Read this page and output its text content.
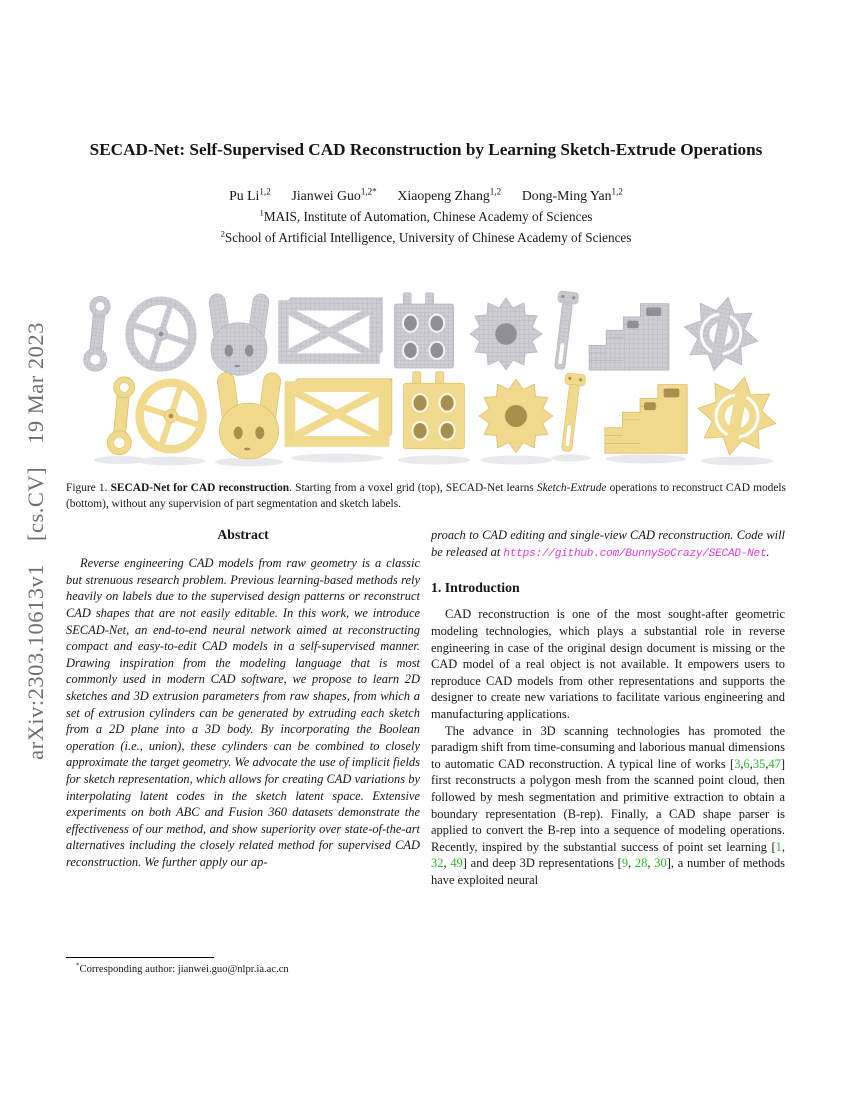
arXiv:2303.10613v1 [cs.CV] 19 Mar 2023
SECAD-Net: Self-Supervised CAD Reconstruction by Learning Sketch-Extrude Operations

Pu Li$^{1,2}$  Jianwei Guo$^{1,2*}$  Xiaopeng Zhang$^{1,2}$  Dong-Ming Yan$^{1,2}$

$^1$MAIS, Institute of Automation, Chinese Academy of Sciences

$^2$School of Artificial Intelligence, University of Chinese Academy of Sciences

Figure 1. SECAD-Net for CAD reconstruction. Starting from a voxel grid (top), SECAD-Net learns Sketch-Extrude operations to reconstruct CAD models (bottom), without any supervision of part segmentation and sketch labels.

Abstract

Reverse engineering CAD models from raw geometry is a classic but strenuous research problem. Previous learning-based methods rely heavily on labels due to the supervised design patterns or reconstruct CAD shapes that are not easily editable. In this work, we introduce SECAD-Net, an end-to-end neural network aimed at reconstructing compact and easy-to-edit CAD models in a self-supervised manner. Drawing inspiration from the modeling language that is most commonly used in modern CAD software, we propose to learn 2D sketches and 3D extrusion parameters from raw shapes, from which a set of extrusion cylinders can be generated by extruding each sketch from a 2D plane into a 3D body. By incorporating the Boolean operation (i.e., union), these cylinders can be combined to closely approximate the target geometry. We advocate the use of implicit fields for sketch representation, which allows for creating CAD variations by interpolating latent codes in the sketch latent space. Extensive experiments on both ABC and Fusion 360 datasets demonstrate the effectiveness of our method, and show superiority over state-of-the-art alternatives including the closely related method for supervised CAD reconstruction. We further apply our ap-

*Corresponding author: jianwei.guo@nlpr.ia.ac.cn

proach to CAD editing and single-view CAD reconstruction. Code will be released at https://github.com/BunnySoCrazy/SECAD-Net.

1. Introduction

CAD reconstruction is one of the most sought-after geometric modeling technologies, which plays a substantial role in reverse engineering in case of the original design document is missing or the CAD model of a real object is not available. It empowers users to reproduce CAD models from other representations and supports the designer to create new variations to facilitate various engineering and manufacturing applications.

The advance in 3D scanning technologies has promoted the paradigm shift from time-consuming and laborious manual dimensions to automatic CAD reconstruction. A typical line of works [3,6,35,47] first reconstructs a polygon mesh from the scanned point cloud, then followed by mesh segmentation and primitive extraction to obtain a boundary representation (B-rep). Finally, a CAD shape parser is applied to convert the B-rep into a sequence of modeling operations. Recently, inspired by the substantial success of point set learning [1, 32, 49] and deep 3D representations [9, 28, 30], a number of methods have exploited neural
